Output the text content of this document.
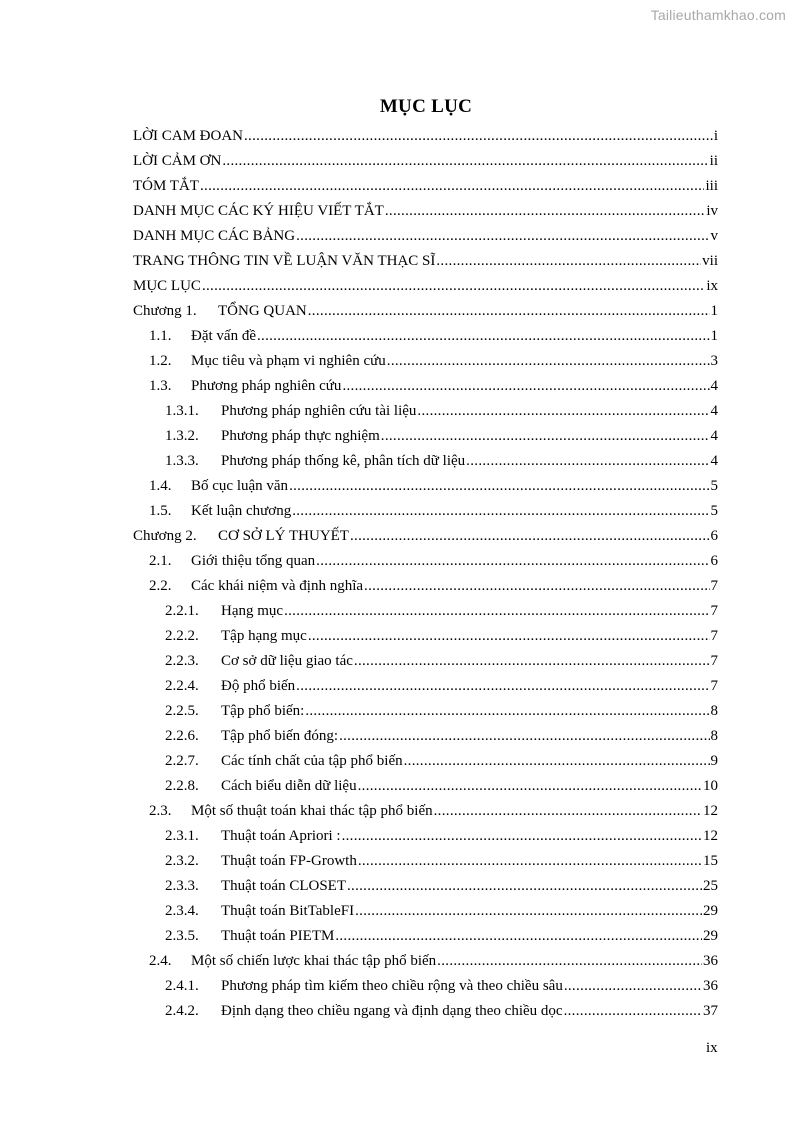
Tailieuthamkhao.com
MỤC LỤC
LỜI CAM ĐOAN .....	i
LỜI CẢM ƠN .....	ii
TÓM TẮT .....	iii
DANH MỤC CÁC KÝ HIỆU VIẾT TẮT .....	iv
DANH MỤC CÁC BẢNG .....	v
TRANG THÔNG TIN VỀ LUẬN VĂN THẠC SĨ .....	vii
MỤC LỤC .....	ix
Chương 1.	TỔNG QUAN .....	1
1.1.	Đặt vấn đề .....	1
1.2.	Mục tiêu và phạm vi nghiên cứu .....	3
1.3.	Phương pháp nghiên cứu .....	4
1.3.1.	Phương pháp nghiên cứu tài liệu .....	4
1.3.2.	Phương pháp thực nghiệm .....	4
1.3.3.	Phương pháp thống kê, phân tích dữ liệu .....	4
1.4.	Bố cục luận văn .....	5
1.5.	Kết luận chương .....	5
Chương 2.	CƠ SỞ LÝ THUYẾT .....	6
2.1.	Giới thiệu tổng quan .....	6
2.2.	Các khái niệm và định nghĩa .....	7
2.2.1.	Hạng mục .....	7
2.2.2.	Tập hạng mục .....	7
2.2.3.	Cơ sở dữ liệu giao tác .....	7
2.2.4.	Độ phổ biến .....	7
2.2.5.	Tập phổ biến: .....	8
2.2.6.	Tập phổ biến đóng: .....	8
2.2.7.	Các tính chất của tập phổ biến .....	9
2.2.8.	Cách biểu diễn dữ liệu .....	10
2.3.	Một số thuật toán khai thác tập phổ biến .....	12
2.3.1.	Thuật toán Apriori : .....	12
2.3.2.	Thuật toán FP-Growth .....	15
2.3.3.	Thuật toán CLOSET .....	25
2.3.4.	Thuật toán BitTableFI .....	29
2.3.5.	Thuật toán PIETM .....	29
2.4.	Một số chiến lược khai thác tập phổ biến .....	36
2.4.1.	Phương pháp tìm kiếm theo chiều rộng và theo chiều sâu .....	36
2.4.2.	Định dạng theo chiều ngang và định dạng theo chiều dọc .....	37
ix
